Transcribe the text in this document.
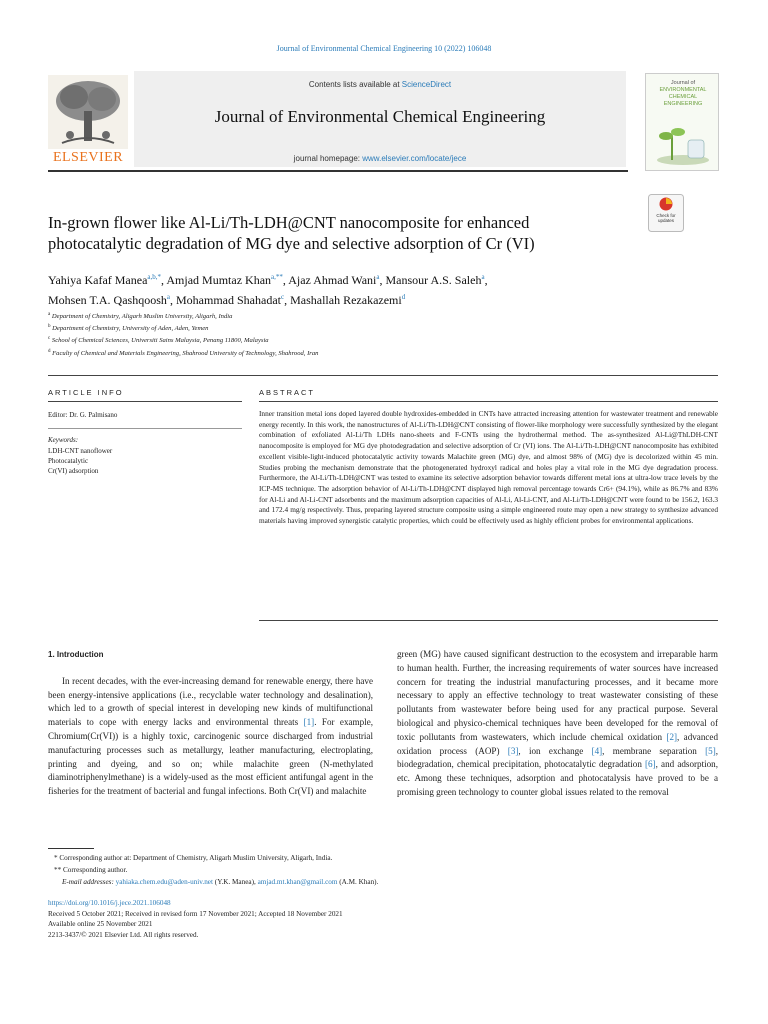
Journal of Environmental Chemical Engineering 10 (2022) 106048
Contents lists available at ScienceDirect
Journal of Environmental Chemical Engineering
journal homepage: www.elsevier.com/locate/jece
ELSEVIER
Journal of
ENVIRONMENTAL
CHEMICAL
ENGINEERING
Check for
updates
In-grown flower like Al-Li/Th-LDH@CNT nanocomposite for enhanced
photocatalytic degradation of MG dye and selective adsorption of Cr (VI)
Yahiya Kafaf Manea$^{a,b,*}$, Amjad Mumtaz Khan$^{a,**}$, Ajaz Ahmad Wani$^a$, Mansour A.S. Saleh$^a$,
Mohsen T.A. Qashqoosh$^a$, Mohammad Shahadat$^c$, Mashallah Rezakazemi$^d$
$^a$ Department of Chemistry, Aligarh Muslim University, Aligarh, India
$^b$ Department of Chemistry, University of Aden, Aden, Yemen
$^c$ School of Chemical Sciences, Universiti Sains Malaysia, Penang 11800, Malaysia
$^d$ Faculty of Chemical and Materials Engineering, Shahrood University of Technology, Shahrood, Iran
ARTICLE INFO
Editor: Dr. G. Palmisano
Keywords:
LDH-CNT nanoflower
Photocatalytic
Cr(VI) adsorption
ABSTRACT
Inner transition metal ions doped layered double hydroxides-embedded in CNTs have attracted increasing attention for wastewater treatment and renewable energy recently. In this work, the nanostructures of Al-Li/Th-LDH@CNT consisting of flower-like morphology were successfully synthesized by the elegant combination of exfoliated Al-Li/Th LDHs nano-sheets and F-CNTs using the hydrothermal method. The as-synthesized Al-Li@ThLDH-CNT nanocomposite is employed for MG dye photodegradation and selective adsorption of Cr (VI) ions. The Al-Li/Th-LDH@CNT nanocomposite has exhibited excellent visible-light-induced photocatalytic activity towards Malachite green (MG) dye, and almost 98% of (MG) dye is decolorized within 45 min. Studies probing the mechanism demonstrate that the photogenerated hydroxyl radical and holes play a vital role in the MG dye degradation process. Furthermore, the Al-Li/Th-LDH@CNT was tested to examine its selective adsorption behavior towards different metal ions at ultra-low trace levels by the ICP-MS technique. The adsorption behavior of Al-Li/Th-LDH@CNT displayed high removal percentage towards Cr6+ (94.1%), while as 86.7% and 83% for Al-Li and Al-Li-CNT adsorbents and the maximum adsorption capacities of Al-Li, Al-Li-CNT, and Al-Li/Th-LDH@CNT were found to be 156.2, 163.3 and 172.4 mg/g respectively. Thus, preparing layered structure composite using a simple engineered route may open a new strategy to synthesize advanced materials having improved synergistic catalytic properties, which could be effectively used as highly efficient probes for environmental applications.
1. Introduction

In recent decades, with the ever-increasing demand for renewable energy, there have been energy-intensive applications (i.e., recyclable water technology and desalination), which led to a growth of special interest in developing new kinds of multifunctional materials to cope with energy lacks and environmental threats [1]. For example, Chromium(Cr(VI)) is a highly toxic, carcinogenic source discharged from industrial manufacturing processes such as metallurgy, leather manufacturing, electroplating, printing and dyeing, and so on; while malachite green (N-methylated diaminotriphenylmethane) is a widely-used as the most efficient antifungal agent in the fisheries for the treatment of bacterial and fungal infections. Both Cr(VI) and malachite

green (MG) have caused significant destruction to the ecosystem and irreparable harm to human health. Further, the increasing requirements of water sources have increased concern for treating the industrial manufacturing processes, and it became more necessary to apply an effective technology to treat wastewater consisting of these pollutants from wastewater before being used for any practical purpose. Several biological and physico-chemical techniques have been developed for the removal of toxic pollutants from wastewaters, which include chemical oxidation [2], advanced oxidation process (AOP) [3], ion exchange [4], membrane separation [5], biodegradation, chemical precipitation, photocatalytic degradation [6], and adsorption, etc. Among these techniques, adsorption and photocatalysis have proved to be a promising green technology to counter global issues related to the removal

* Corresponding author at: Department of Chemistry, Aligarh Muslim University, Aligarh, India.
** Corresponding author.
E-mail addresses: yahiaka.chem.edu@aden-univ.net (Y.K. Manea), amjad.mt.khan@gmail.com (A.M. Khan).
https://doi.org/10.1016/j.jece.2021.106048
Received 5 October 2021; Received in revised form 17 November 2021; Accepted 18 November 2021
Available online 25 November 2021
2213-3437/© 2021 Elsevier Ltd. All rights reserved.
